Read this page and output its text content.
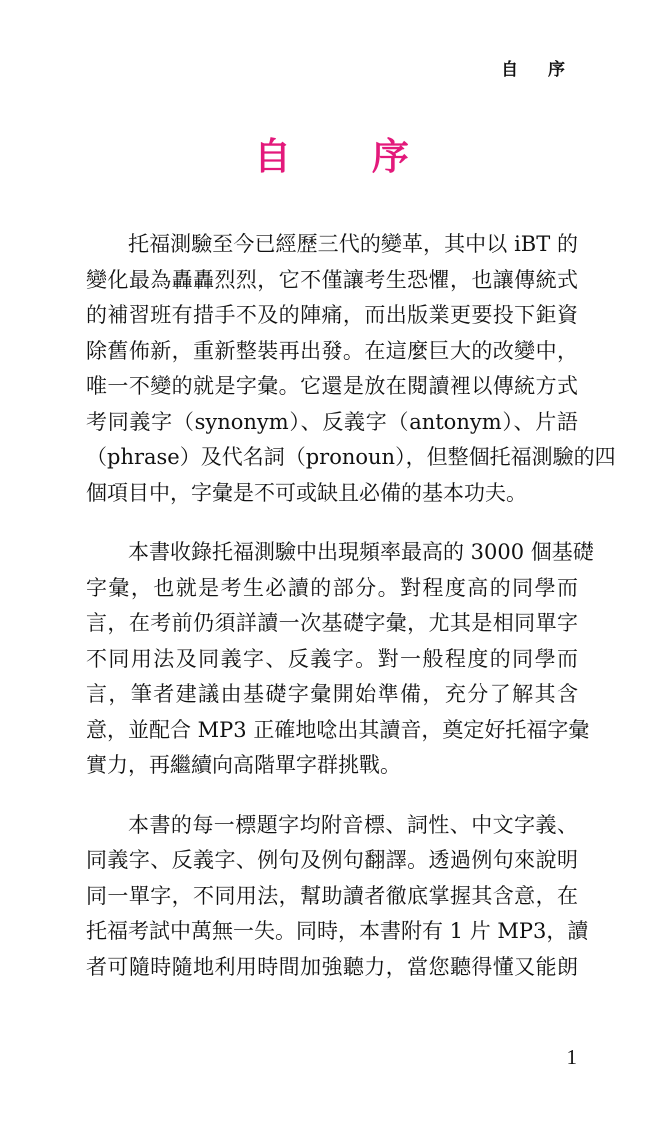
自 序
自 序

托福測驗至今已經歷三代的變革，其中以 iBT 的
變化最為轟轟烈烈，它不僅讓考生恐懼，也讓傳統式
的補習班有措手不及的陣痛，而出版業更要投下鉅資
除舊佈新，重新整裝再出發。在這麼巨大的改變中，
唯一不變的就是字彙。它還是放在閱讀裡以傳統方式
考同義字（synonym）、反義字（antonym）、片語
（phrase）及代名詞（pronoun），但整個托福測驗的四
個項目中，字彙是不可或缺且必備的基本功夫。

本書收錄托福測驗中出現頻率最高的 3000 個基礎
字彙，也就是考生必讀的部分。對程度高的同學而
言，在考前仍須詳讀一次基礎字彙，尤其是相同單字
不同用法及同義字、反義字。對一般程度的同學而
言，筆者建議由基礎字彙開始準備，充分了解其含
意，並配合 MP3 正確地唸出其讀音，奠定好托福字彙
實力，再繼續向高階單字群挑戰。

本書的每一標題字均附音標、詞性、中文字義、
同義字、反義字、例句及例句翻譯。透過例句來說明
同一單字，不同用法，幫助讀者徹底掌握其含意，在
托福考試中萬無一失。同時，本書附有 1 片 MP3，讀
者可隨時隨地利用時間加強聽力，當您聽得懂又能朗

1
